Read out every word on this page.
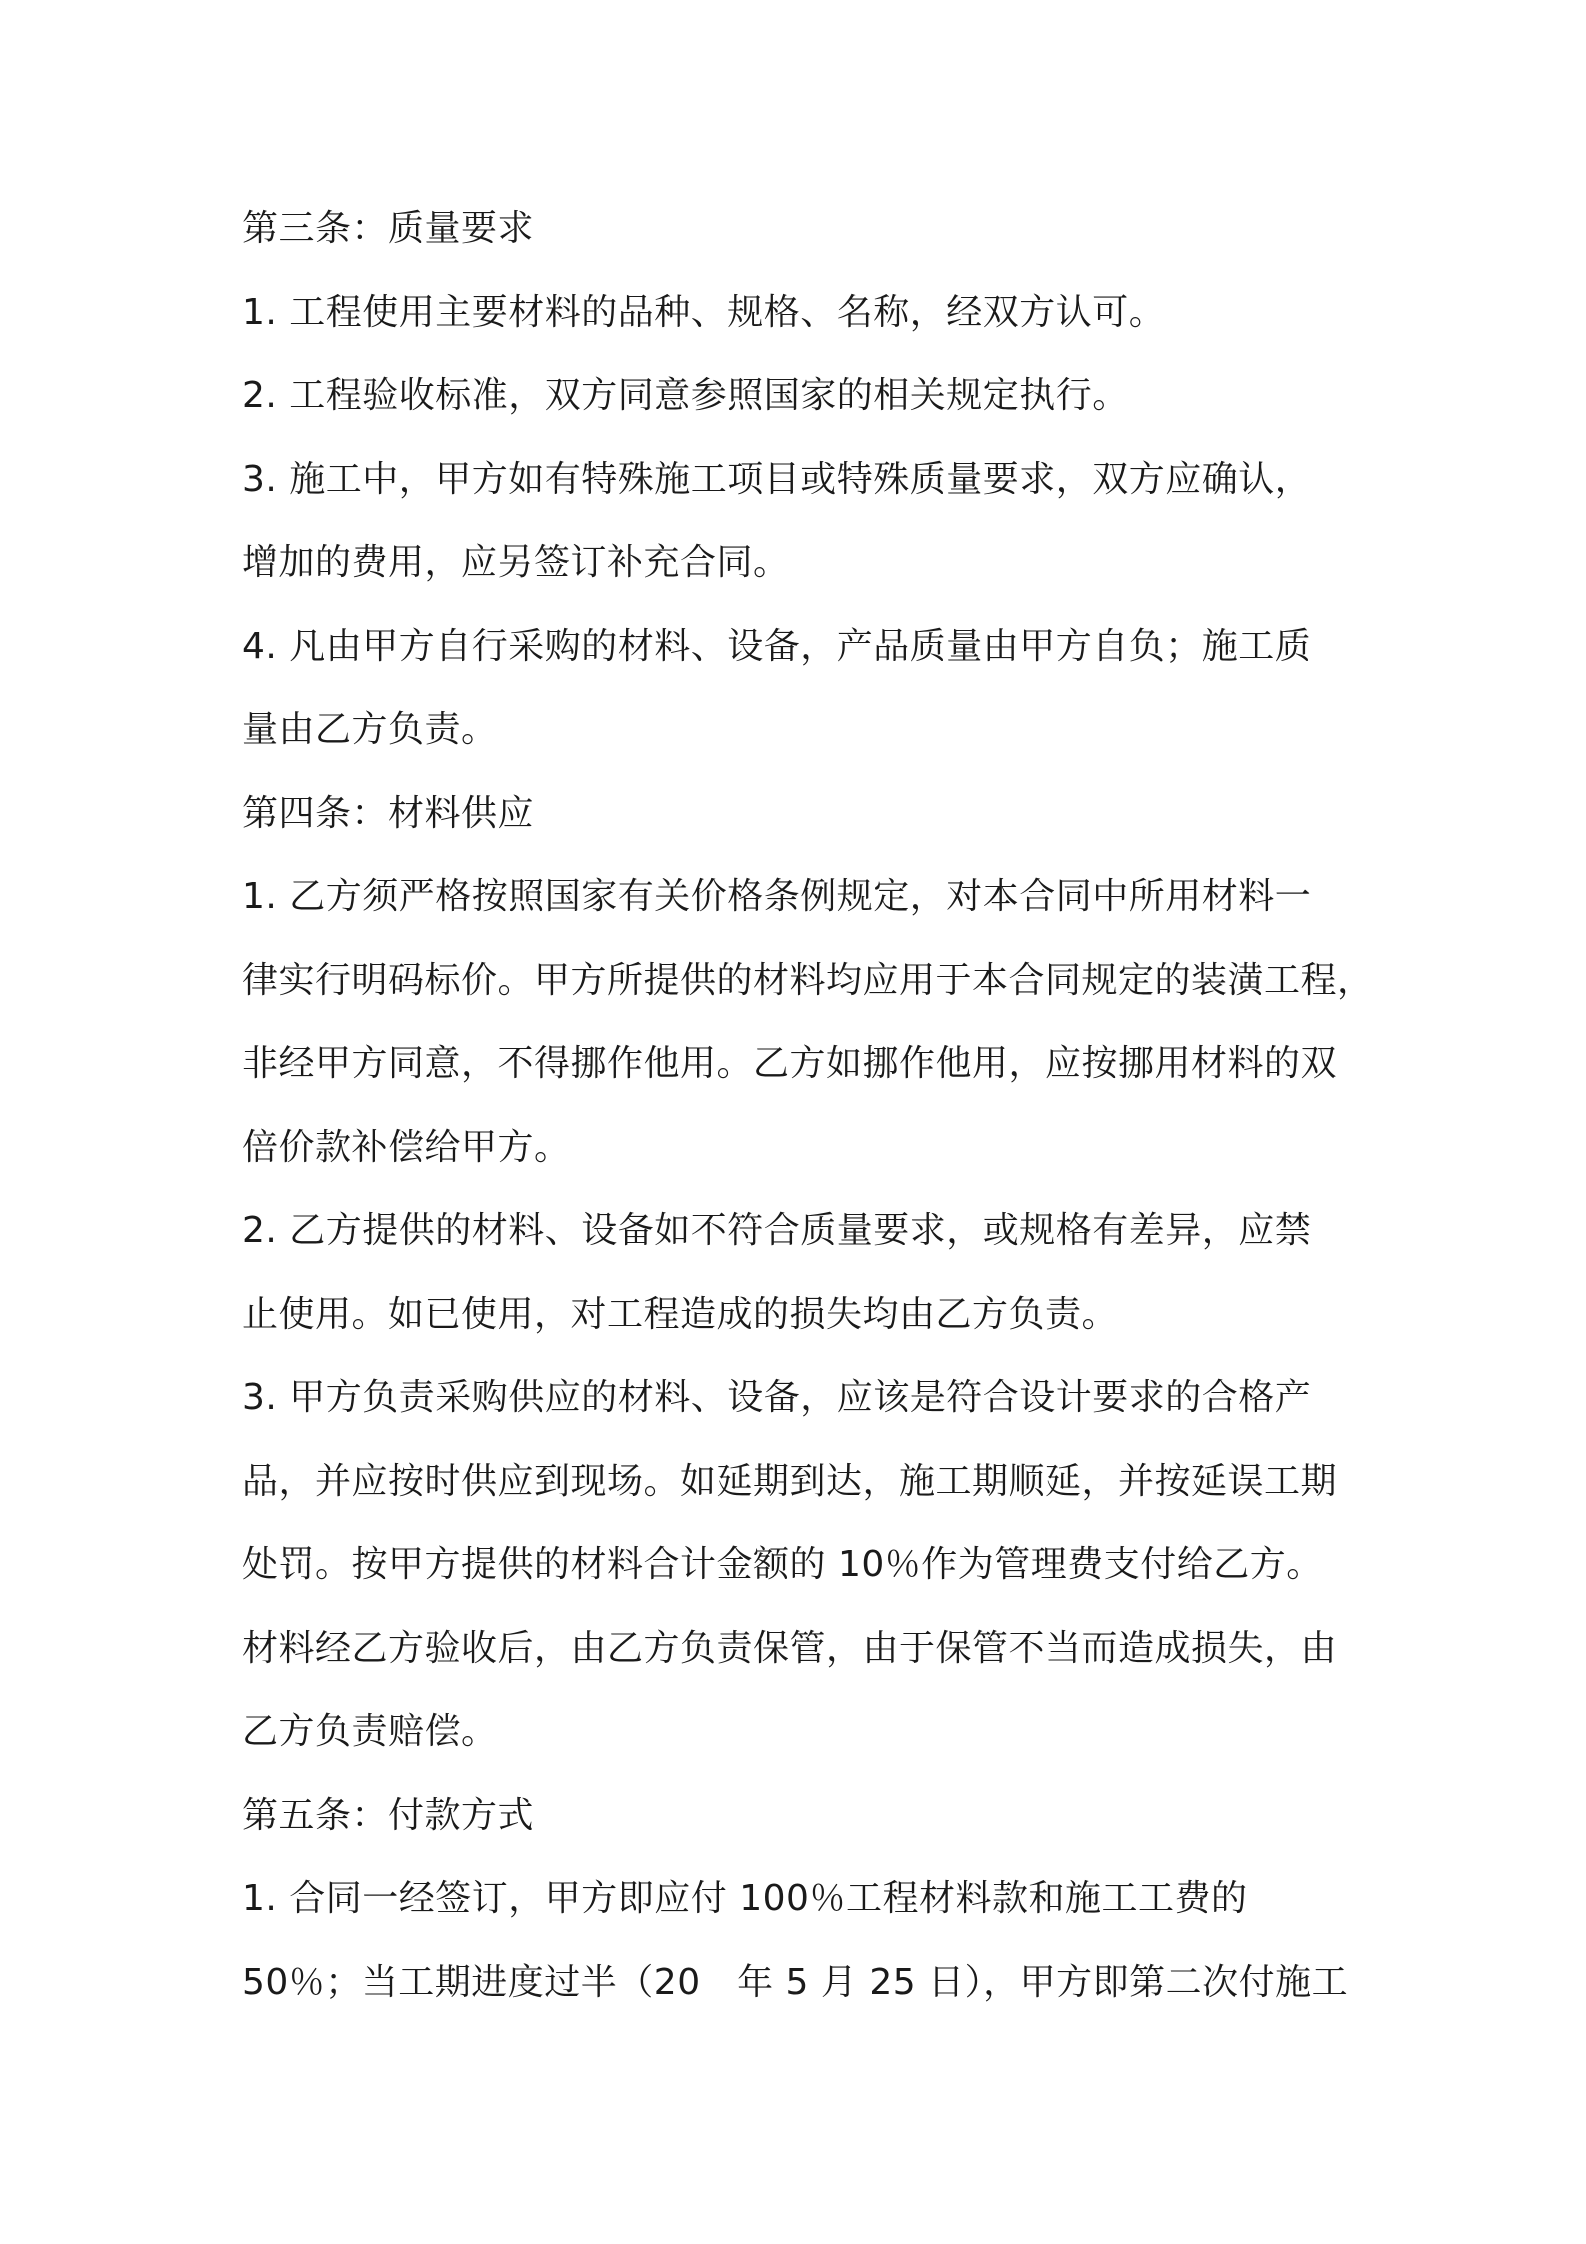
第三条：质量要求
1. 工程使用主要材料的品种、规格、名称，经双方认可。
2. 工程验收标准，双方同意参照国家的相关规定执行。
3. 施工中，甲方如有特殊施工项目或特殊质量要求，双方应确认，
增加的费用，应另签订补充合同。
4. 凡由甲方自行采购的材料、设备，产品质量由甲方自负；施工质
量由乙方负责。
第四条：材料供应
1. 乙方须严格按照国家有关价格条例规定，对本合同中所用材料一
律实行明码标价。甲方所提供的材料均应用于本合同规定的装潢工程，
非经甲方同意，不得挪作他用。乙方如挪作他用，应按挪用材料的双
倍价款补偿给甲方。
2. 乙方提供的材料、设备如不符合质量要求，或规格有差异，应禁
止使用。如已使用，对工程造成的损失均由乙方负责。
3. 甲方负责采购供应的材料、设备，应该是符合设计要求的合格产
品，并应按时供应到现场。如延期到达，施工期顺延，并按延误工期
处罚。按甲方提供的材料合计金额的 10％作为管理费支付给乙方。
材料经乙方验收后，由乙方负责保管，由于保管不当而造成损失，由
乙方负责赔偿。
第五条：付款方式
1. 合同一经签订，甲方即应付 100％工程材料款和施工工费的
50％；当工期进度过半（20　年 5 月 25 日），甲方即第二次付施工
